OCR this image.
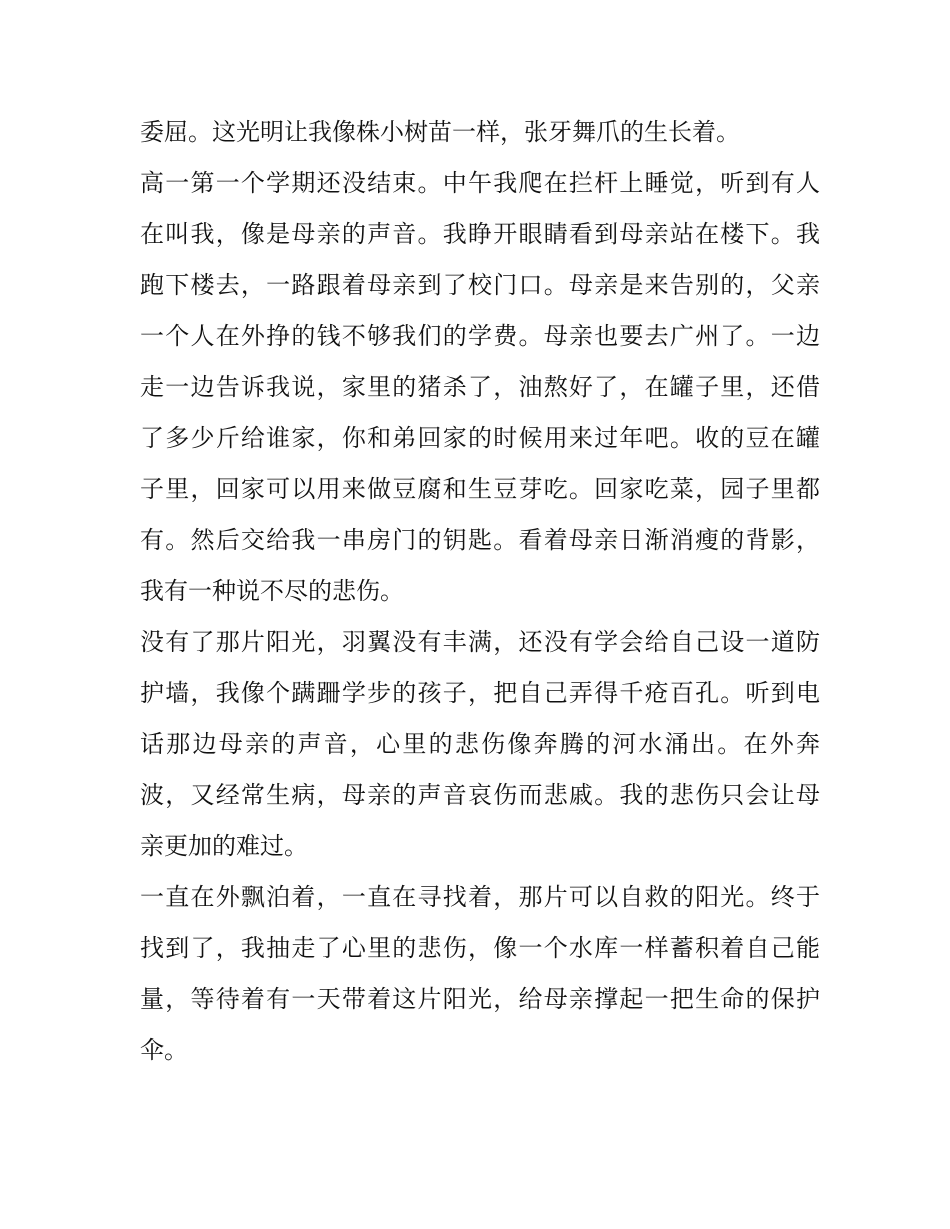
委屈。这光明让我像株小树苗一样，张牙舞爪的生长着。
高一第一个学期还没结束。中午我爬在拦杆上睡觉，听到有人
在叫我，像是母亲的声音。我睁开眼睛看到母亲站在楼下。我
跑下楼去，一路跟着母亲到了校门口。母亲是来告别的，父亲
一个人在外挣的钱不够我们的学费。母亲也要去广州了。一边
走一边告诉我说，家里的猪杀了，油熬好了，在罐子里，还借
了多少斤给谁家，你和弟回家的时候用来过年吧。收的豆在罐
子里，回家可以用来做豆腐和生豆芽吃。回家吃菜，园子里都
有。然后交给我一串房门的钥匙。看着母亲日渐消瘦的背影，
我有一种说不尽的悲伤。
没有了那片阳光，羽翼没有丰满，还没有学会给自己设一道防
护墙，我像个蹒跚学步的孩子，把自己弄得千疮百孔。听到电
话那边母亲的声音，心里的悲伤像奔腾的河水涌出。在外奔
波，又经常生病，母亲的声音哀伤而悲戚。我的悲伤只会让母
亲更加的难过。
一直在外飘泊着，一直在寻找着，那片可以自救的阳光。终于
找到了，我抽走了心里的悲伤，像一个水库一样蓄积着自己能
量，等待着有一天带着这片阳光，给母亲撑起一把生命的保护
伞。
